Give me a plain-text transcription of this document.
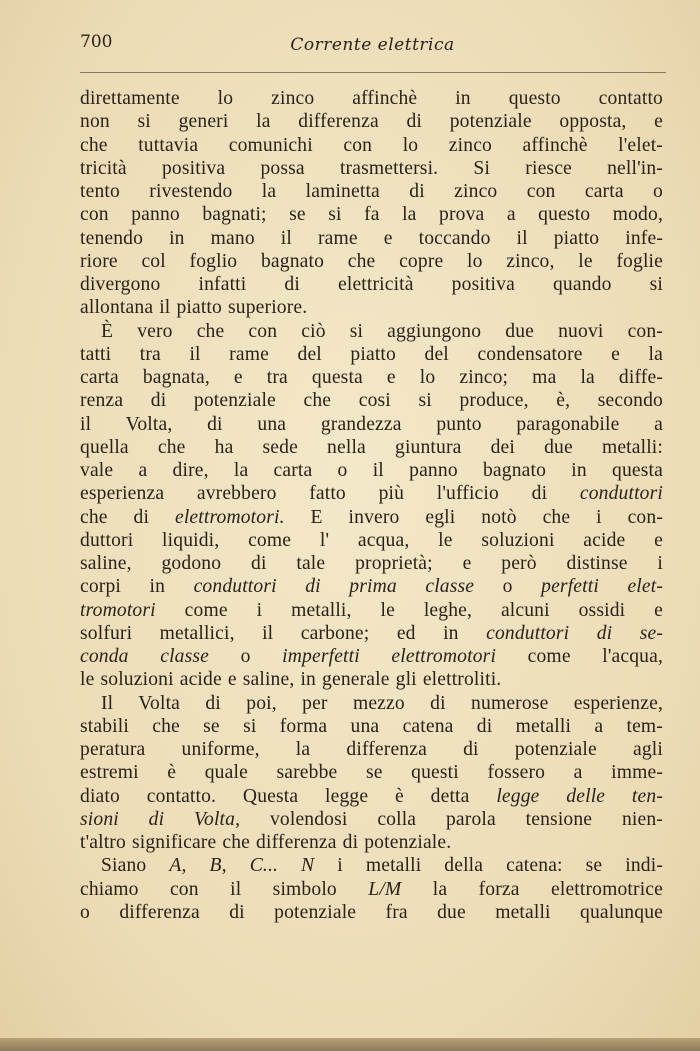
700	Corrente elettrica
direttamente lo zinco affinchè in questo contatto
non si generi la differenza di potenziale opposta, e
che tuttavia comunichi con lo zinco affinchè l'elet-
tricità positiva possa trasmettersi. Si riesce nell'in-
tento rivestendo la laminetta di zinco con carta o
con panno bagnati; se si fa la prova a questo modo,
tenendo in mano il rame e toccando il piatto infe-
riore col foglio bagnato che copre lo zinco, le foglie
divergono infatti di elettricità positiva quando si
allontana il piatto superiore.
È vero che con ciò si aggiungono due nuovi con-
tatti tra il rame del piatto del condensatore e la
carta bagnata, e tra questa e lo zinco; ma la diffe-
renza di potenziale che cosi si produce, è, secondo
il Volta, di una grandezza punto paragonabile a
quella che ha sede nella giuntura dei due metalli:
vale a dire, la carta o il panno bagnato in questa
esperienza avrebbero fatto più l'ufficio di conduttori
che di elettromotori. E invero egli notò che i con-
duttori liquidi, come l' acqua, le soluzioni acide e
saline, godono di tale proprietà; e però distinse i
corpi in conduttori di prima classe o perfetti elet-
tromotori come i metalli, le leghe, alcuni ossidi e
solfuri metallici, il carbone; ed in conduttori di se-
conda classe o imperfetti elettromotori come l'acqua,
le soluzioni acide e saline, in generale gli elettroliti.
Il Volta di poi, per mezzo di numerose esperienze,
stabili che se si forma una catena di metalli a tem-
peratura uniforme, la differenza di potenziale agli
estremi è quale sarebbe se questi fossero a imme-
diato contatto. Questa legge è detta legge delle ten-
sioni di Volta, volendosi colla parola tensione nien-
t'altro significare che differenza di potenziale.
Siano A, B, C... N i metalli della catena: se indi-
chiamo con il simbolo L/M la forza elettromotrice
o differenza di potenziale fra due metalli qualunque
